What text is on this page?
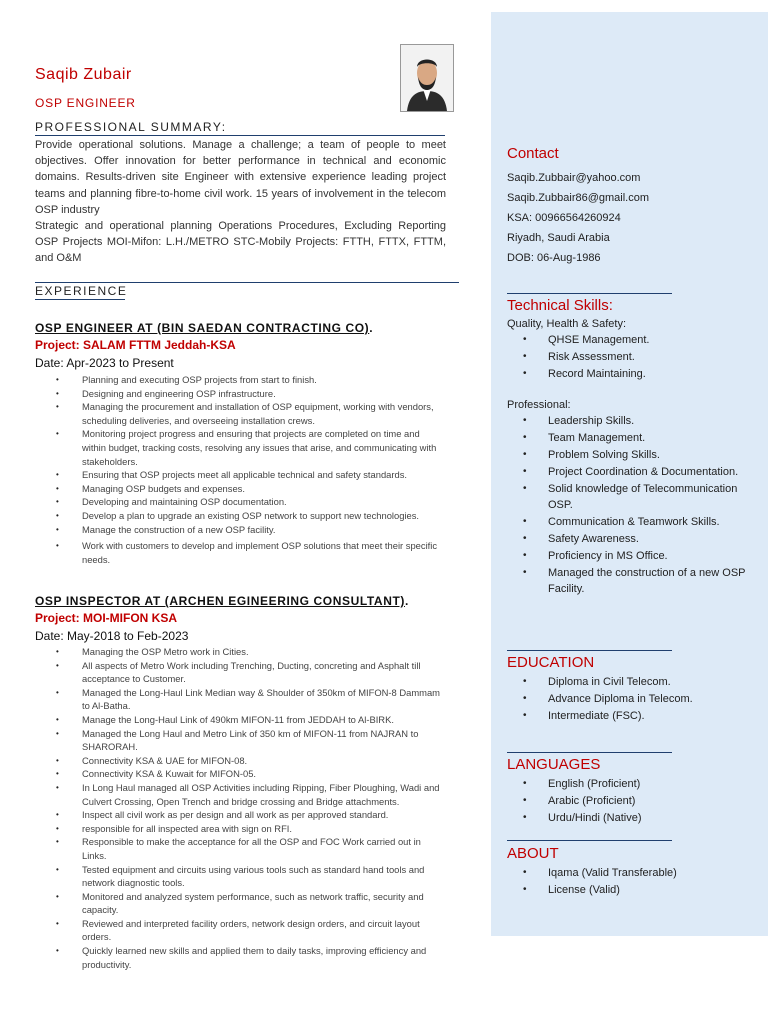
Saqib Zubair
OSP ENGINEER
PROFESSIONAL SUMMARY:

Provide operational solutions. Manage a challenge; a team of people to meet objectives. Offer innovation for better performance in technical and economic domains. Results-driven site Engineer with extensive experience leading project teams and planning fibre-to-home civil work. 15 years of involvement in the telecom OSP industry

Strategic and operational planning Operations Procedures, Excluding Reporting OSP Projects MOI-Mifon: L.H./METRO STC-Mobily Projects: FTTH, FTTX, FTTM, and O&M

EXPERIENCE
OSP ENGINEER AT (BIN SAEDAN CONTRACTING CO).
Project: SALAM FTTM Jeddah-KSA
Date: Apr-2023 to Present
• Planning and executing OSP projects from start to finish.
• Designing and engineering OSP infrastructure.
• Managing the procurement and installation of OSP equipment, working with vendors, scheduling deliveries, and overseeing installation crews.
• Monitoring project progress and ensuring that projects are completed on time and within budget, tracking costs, resolving any issues that arise, and communicating with stakeholders.
• Ensuring that OSP projects meet all applicable technical and safety standards.
• Managing OSP budgets and expenses.
• Developing and maintaining OSP documentation.
• Develop a plan to upgrade an existing OSP network to support new technologies.
• Manage the construction of a new OSP facility.
• Work with customers to develop and implement OSP solutions that meet their specific needs.
OSP INSPECTOR AT (ARCHEN EGINEERING CONSULTANT).
Project: MOI-MIFON KSA
Date: May-2018 to Feb-2023
• Managing the OSP Metro work in Cities.
• All aspects of Metro Work including Trenching, Ducting, concreting and Asphalt till acceptance to Customer.
• Managed the Long-Haul Link Median way & Shoulder of 350km of MIFON-8 Dammam to Al-Batha.
• Manage the Long-Haul Link of 490km MIFON-11 from JEDDAH to Al-BIRK.
• Managed the Long Haul and Metro Link of 350 km of MIFON-11 from NAJRAN to SHARORAH.
• Connectivity KSA & UAE for MIFON-08.
• Connectivity KSA & Kuwait for MIFON-05.
• In Long Haul managed all OSP Activities including Ripping, Fiber Ploughing, Wadi and Culvert Crossing, Open Trench and bridge crossing and Bridge attachments.
• Inspect all civil work as per design and all work as per approved standard.
• responsible for all inspected area with sign on RFI.
• Responsible to make the acceptance for all the OSP and FOC Work carried out in Links.
• Tested equipment and circuits using various tools such as standard hand tools and network diagnostic tools.
• Monitored and analyzed system performance, such as network traffic, security and capacity.
• Reviewed and interpreted facility orders, network design orders, and circuit layout orders.
• Quickly learned new skills and applied them to daily tasks, improving efficiency and productivity.
Contact
Saqib.Zubbair@yahoo.com
Saqib.Zubbair86@gmail.com
KSA: 00966564260924
Riyadh, Saudi Arabia
DOB: 06-Aug-1986
Technical Skills:
Quality, Health & Safety:
• QHSE Management.
• Risk Assessment.
• Record Maintaining.
Professional:
• Leadership Skills.
• Team Management.
• Problem Solving Skills.
• Project Coordination & Documentation.
• Solid knowledge of Telecommunication OSP.
• Communication & Teamwork Skills.
• Safety Awareness.
• Proficiency in MS Office.
• Managed the construction of a new OSP Facility.
EDUCATION
• Diploma in Civil Telecom.
• Advance Diploma in Telecom.
• Intermediate (FSC).
LANGUAGES
• English (Proficient)
• Arabic (Proficient)
• Urdu/Hindi (Native)
ABOUT
• Iqama (Valid Transferable)
• License (Valid)
